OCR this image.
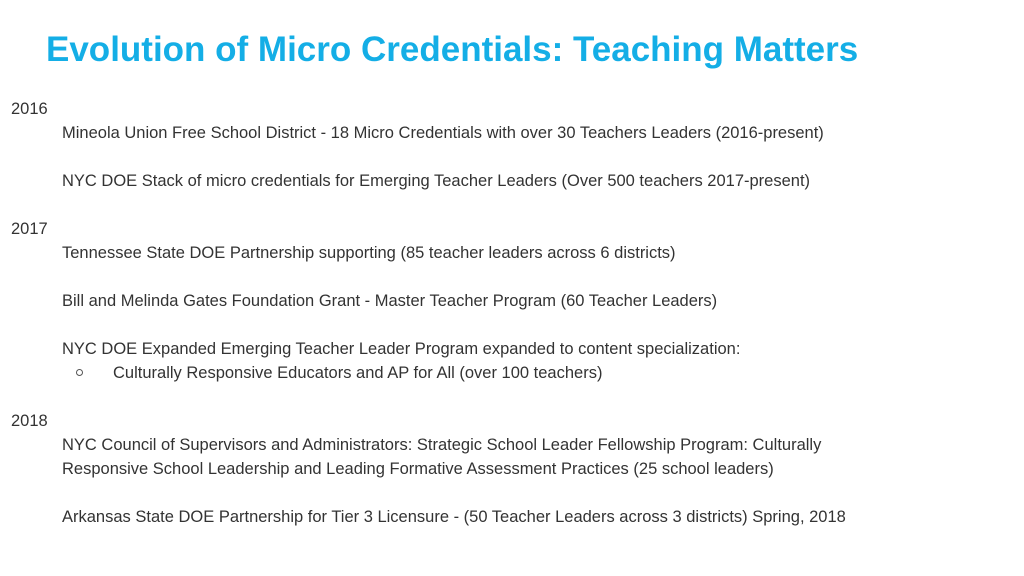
Evolution of Micro Credentials: Teaching Matters
2016
Mineola Union Free School District - 18 Micro Credentials with over 30 Teachers Leaders (2016-present)
NYC DOE Stack of micro credentials for Emerging Teacher Leaders (Over 500 teachers 2017-present)
2017
Tennessee State DOE Partnership supporting (85 teacher leaders across 6 districts)
Bill and Melinda Gates Foundation Grant - Master Teacher Program (60 Teacher Leaders)
NYC DOE Expanded Emerging Teacher Leader Program expanded to content specialization:
Culturally Responsive Educators and AP for All (over 100 teachers)
2018
NYC Council of Supervisors and Administrators: Strategic School Leader Fellowship Program: Culturally
Responsive School Leadership and Leading Formative Assessment Practices (25 school leaders)
Arkansas State DOE Partnership for Tier 3 Licensure - (50 Teacher Leaders across 3 districts) Spring, 2018
